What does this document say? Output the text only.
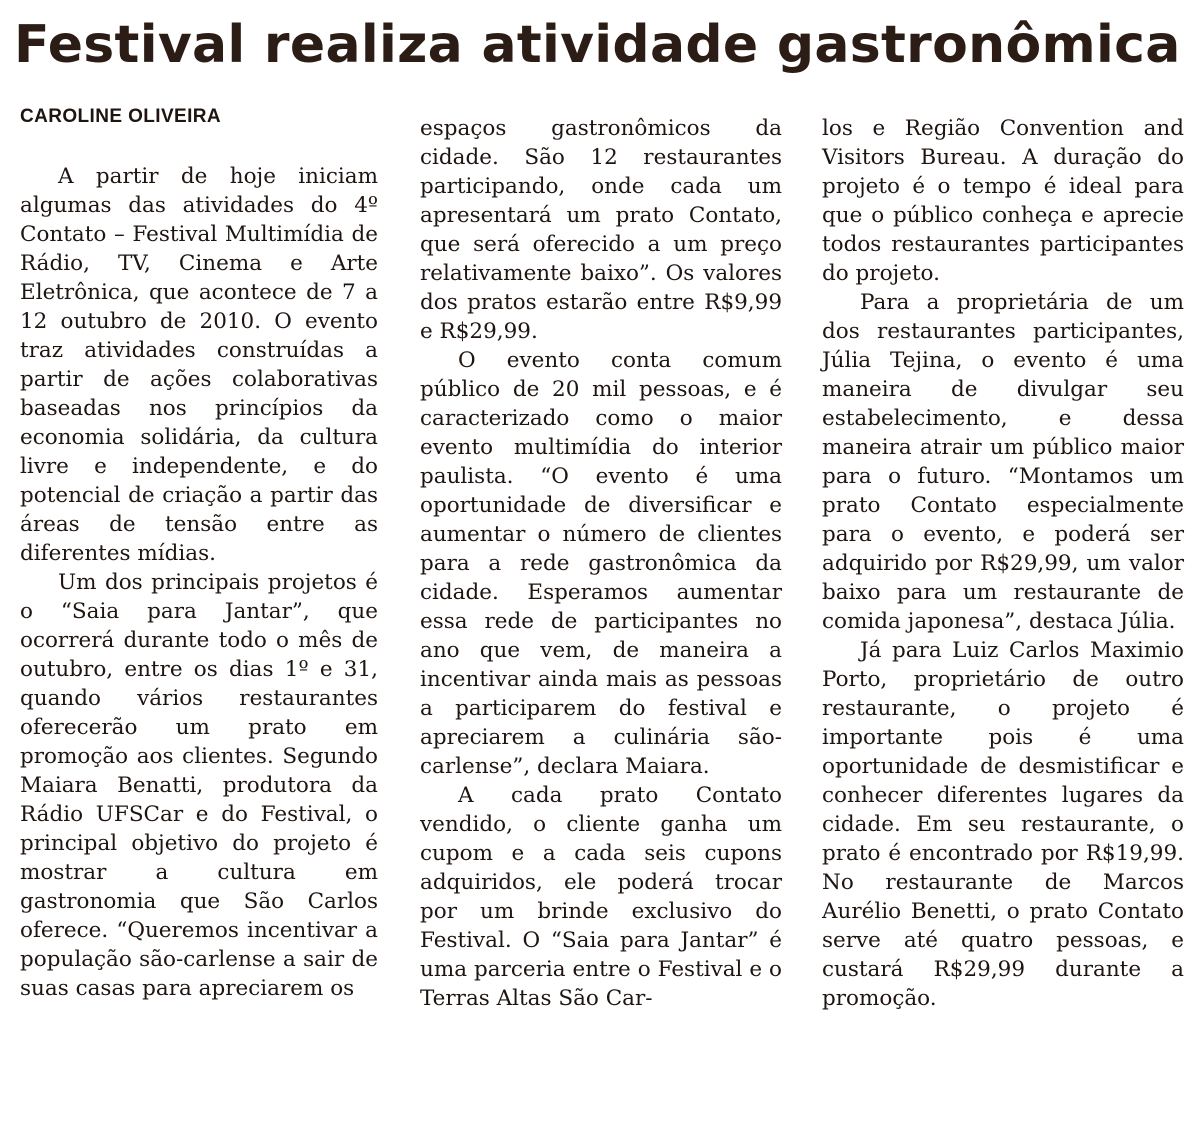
Festival realiza atividade gastronômica
CAROLINE OLIVEIRA

A partir de hoje iniciam algumas das atividades do 4º Contato – Festival Multimídia de Rádio, TV, Cinema e Arte Eletrônica, que acontece de 7 a 12 outubro de 2010. O evento traz atividades construídas a partir de ações colaborativas baseadas nos princípios da economia solidária, da cultura livre e independente, e do potencial de criação a partir das áreas de tensão entre as diferentes mídias.

Um dos principais projetos é o “Saia para Jantar”, que ocorrerá durante todo o mês de outubro, entre os dias 1º e 31, quando vários restaurantes oferecerão um prato em promoção aos clientes. Segundo Maiara Benatti, produtora da Rádio UFSCar e do Festival, o principal objetivo do projeto é mostrar a cultura em gastronomia que São Carlos oferece. “Queremos incentivar a população são-carlense a sair de suas casas para apreciarem os

espaços gastronômicos da cidade. São 12 restaurantes participando, onde cada um apresentará um prato Contato, que será oferecido a um preço relativamente baixo”. Os valores dos pratos estarão entre R$9,99 e R$29,99.

O evento conta comum público de 20 mil pessoas, e é caracterizado como o maior evento multimídia do interior paulista. “O evento é uma oportunidade de diversificar e aumentar o número de clientes para a rede gastronômica da cidade. Esperamos aumentar essa rede de participantes no ano que vem, de maneira a incentivar ainda mais as pessoas a participarem do festival e apreciarem a culinária são-carlense”, declara Maiara.

A cada prato Contato vendido, o cliente ganha um cupom e a cada seis cupons adquiridos, ele poderá trocar por um brinde exclusivo do Festival. O “Saia para Jantar” é uma parceria entre o Festival e o Terras Altas São Car-

los e Região Convention and Visitors Bureau. A duração do projeto é o tempo é ideal para que o público conheça e aprecie todos restaurantes participantes do projeto.

Para a proprietária de um dos restaurantes participantes, Júlia Tejina, o evento é uma maneira de divulgar seu estabelecimento, e dessa maneira atrair um público maior para o futuro. “Montamos um prato Contato especialmente para o evento, e poderá ser adquirido por R$29,99, um valor baixo para um restaurante de comida japonesa”, destaca Júlia.

Já para Luiz Carlos Maximio Porto, proprietário de outro restaurante, o projeto é importante pois é uma oportunidade de desmistificar e conhecer diferentes lugares da cidade. Em seu restaurante, o prato é encontrado por R$19,99. No restaurante de Marcos Aurélio Benetti, o prato Contato serve até quatro pessoas, e custará R$29,99 durante a promoção.
